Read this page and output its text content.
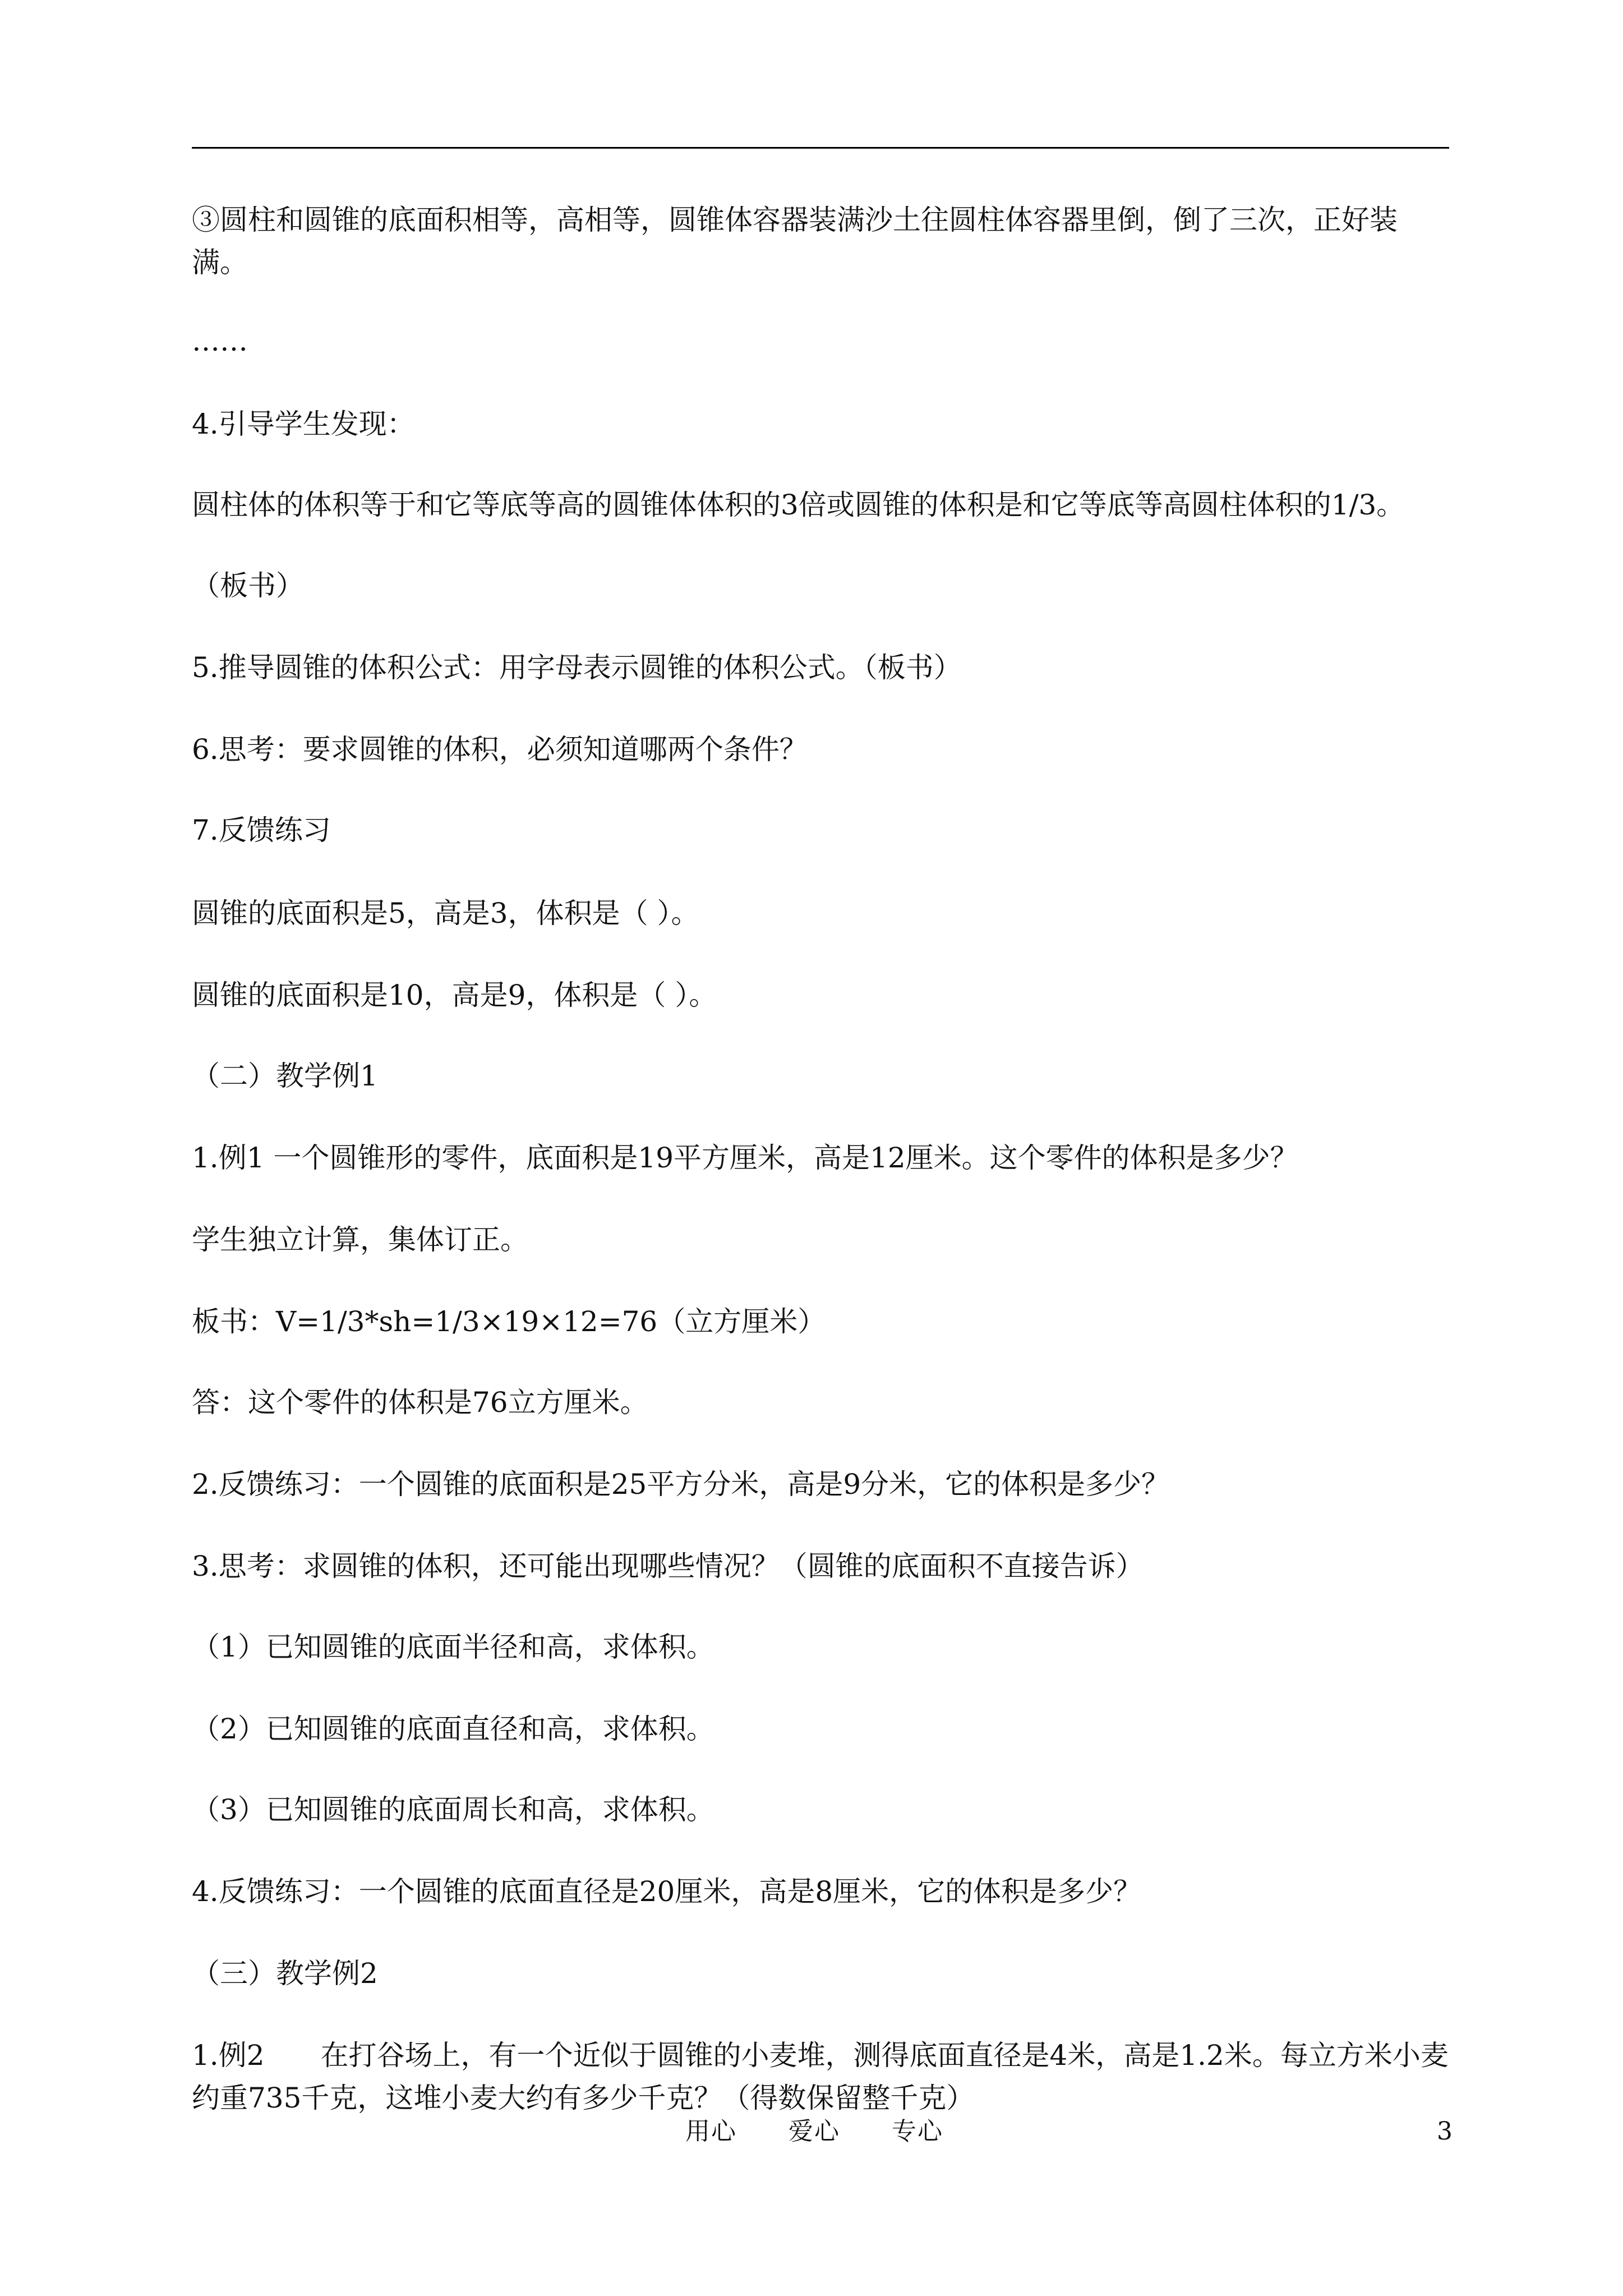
③圆柱和圆锥的底面积相等，高相等，圆锥体容器装满沙土往圆柱体容器里倒，倒了三次，正好装满。

……

4.引导学生发现：

圆柱体的体积等于和它等底等高的圆锥体体积的3倍或圆锥的体积是和它等底等高圆柱体积的1/3。

（板书）

5.推导圆锥的体积公式：用字母表示圆锥的体积公式。（板书）

6.思考：要求圆锥的体积，必须知道哪两个条件？

7.反馈练习

圆锥的底面积是5，高是3，体积是（ ）。

圆锥的底面积是10，高是9，体积是（ ）。

（二）教学例1

1.例1 一个圆锥形的零件，底面积是19平方厘米，高是12厘米。这个零件的体积是多少？

学生独立计算，集体订正。

板书：V=1/3*sh=1/3×19×12=76（立方厘米）

答：这个零件的体积是76立方厘米。

2.反馈练习：一个圆锥的底面积是25平方分米，高是9分米，它的体积是多少？

3.思考：求圆锥的体积，还可能出现哪些情况？（圆锥的底面积不直接告诉）

（1）已知圆锥的底面半径和高，求体积。

（2）已知圆锥的底面直径和高，求体积。

（3）已知圆锥的底面周长和高，求体积。

4.反馈练习：一个圆锥的底面直径是20厘米，高是8厘米，它的体积是多少？

（三）教学例2

1.例2　　在打谷场上，有一个近似于圆锥的小麦堆，测得底面直径是4米，高是1.2米。每立方米小麦约重735千克，这堆小麦大约有多少千克？（得数保留整千克）

用心　　爱心　　专心	3
